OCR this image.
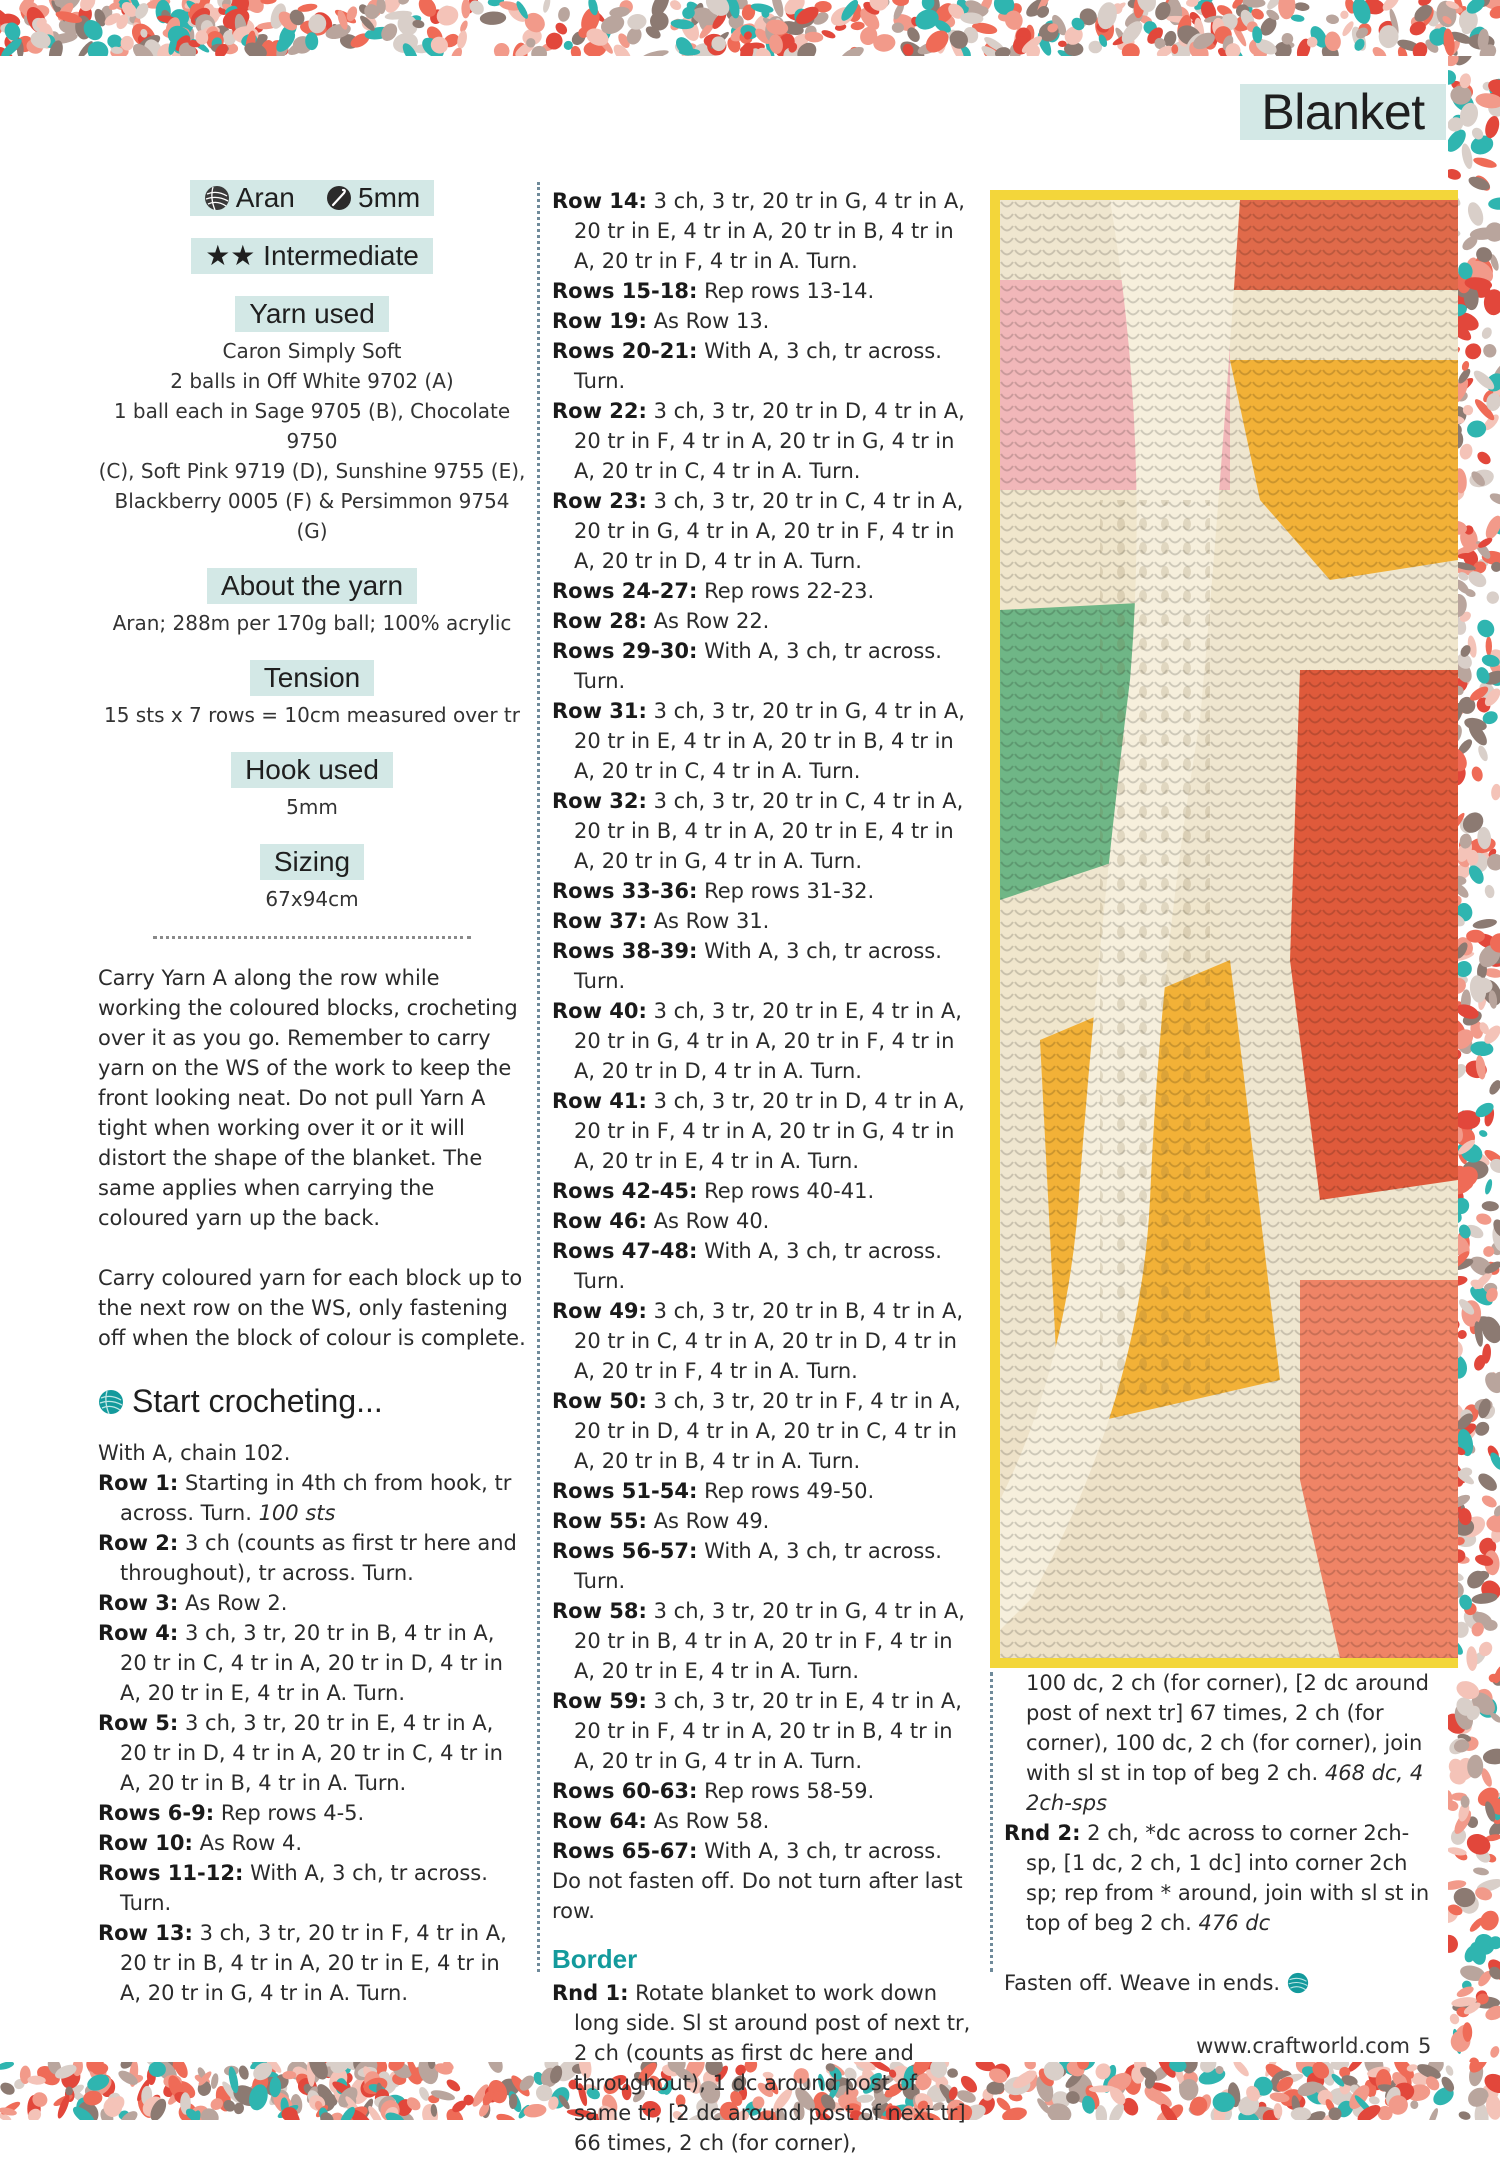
Blanket
Aran 5mm
★★ Intermediate
Yarn used
Caron Simply Soft
2 balls in Off White 9702 (A)
1 ball each in Sage 9705 (B), Chocolate 9750
(C), Soft Pink 9719 (D), Sunshine 9755 (E),
Blackberry 0005 (F) & Persimmon 9754 (G)
About the yarn
Aran; 288m per 170g ball; 100% acrylic
Tension
15 sts x 7 rows = 10cm measured over tr
Hook used
5mm
Sizing
67x94cm

Carry Yarn A along the row while working the coloured blocks, crocheting over it as you go. Remember to carry yarn on the WS of the work to keep the front looking neat. Do not pull Yarn A tight when working over it or it will distort the shape of the blanket. The same applies when carrying the coloured yarn up the back.

Carry coloured yarn for each block up to the next row on the WS, only fastening off when the block of colour is complete.

Start crocheting...

With A, chain 102.

Row 1: Starting in 4th ch from hook, tr across. Turn. 100 sts

Row 2: 3 ch (counts as first tr here and throughout), tr across. Turn.

Row 3: As Row 2.

Row 4: 3 ch, 3 tr, 20 tr in B, 4 tr in A, 20 tr in C, 4 tr in A, 20 tr in D, 4 tr in A, 20 tr in E, 4 tr in A. Turn.

Row 5: 3 ch, 3 tr, 20 tr in E, 4 tr in A, 20 tr in D, 4 tr in A, 20 tr in C, 4 tr in A, 20 tr in B, 4 tr in A. Turn.

Rows 6-9: Rep rows 4-5.

Row 10: As Row 4.

Rows 11-12: With A, 3 ch, tr across. Turn.

Row 13: 3 ch, 3 tr, 20 tr in F, 4 tr in A, 20 tr in B, 4 tr in A, 20 tr in E, 4 tr in A, 20 tr in G, 4 tr in A. Turn.

Row 14: 3 ch, 3 tr, 20 tr in G, 4 tr in A, 20 tr in E, 4 tr in A, 20 tr in B, 4 tr in A, 20 tr in F, 4 tr in A. Turn.

Rows 15-18: Rep rows 13-14.

Row 19: As Row 13.

Rows 20-21: With A, 3 ch, tr across. Turn.

Row 22: 3 ch, 3 tr, 20 tr in D, 4 tr in A, 20 tr in F, 4 tr in A, 20 tr in G, 4 tr in A, 20 tr in C, 4 tr in A. Turn.

Row 23: 3 ch, 3 tr, 20 tr in C, 4 tr in A, 20 tr in G, 4 tr in A, 20 tr in F, 4 tr in A, 20 tr in D, 4 tr in A. Turn.

Rows 24-27: Rep rows 22-23.

Row 28: As Row 22.

Rows 29-30: With A, 3 ch, tr across. Turn.

Row 31: 3 ch, 3 tr, 20 tr in G, 4 tr in A, 20 tr in E, 4 tr in A, 20 tr in B, 4 tr in A, 20 tr in C, 4 tr in A. Turn.

Row 32: 3 ch, 3 tr, 20 tr in C, 4 tr in A, 20 tr in B, 4 tr in A, 20 tr in E, 4 tr in A, 20 tr in G, 4 tr in A. Turn.

Rows 33-36: Rep rows 31-32.

Row 37: As Row 31.

Rows 38-39: With A, 3 ch, tr across. Turn.

Row 40: 3 ch, 3 tr, 20 tr in E, 4 tr in A, 20 tr in G, 4 tr in A, 20 tr in F, 4 tr in A, 20 tr in D, 4 tr in A. Turn.

Row 41: 3 ch, 3 tr, 20 tr in D, 4 tr in A, 20 tr in F, 4 tr in A, 20 tr in G, 4 tr in A, 20 tr in E, 4 tr in A. Turn.

Rows 42-45: Rep rows 40-41.

Row 46: As Row 40.

Rows 47-48: With A, 3 ch, tr across. Turn.

Row 49: 3 ch, 3 tr, 20 tr in B, 4 tr in A, 20 tr in C, 4 tr in A, 20 tr in D, 4 tr in A, 20 tr in F, 4 tr in A. Turn.

Row 50: 3 ch, 3 tr, 20 tr in F, 4 tr in A, 20 tr in D, 4 tr in A, 20 tr in C, 4 tr in A, 20 tr in B, 4 tr in A. Turn.

Rows 51-54: Rep rows 49-50.

Row 55: As Row 49.

Rows 56-57: With A, 3 ch, tr across. Turn.

Row 58: 3 ch, 3 tr, 20 tr in G, 4 tr in A, 20 tr in B, 4 tr in A, 20 tr in F, 4 tr in A, 20 tr in E, 4 tr in A. Turn.

Row 59: 3 ch, 3 tr, 20 tr in E, 4 tr in A, 20 tr in F, 4 tr in A, 20 tr in B, 4 tr in A, 20 tr in G, 4 tr in A. Turn.

Rows 60-63: Rep rows 58-59.

Row 64: As Row 58.

Rows 65-67: With A, 3 ch, tr across.

Do not fasten off. Do not turn after last row.

Border

Rnd 1: Rotate blanket to work down long side. Sl st around post of next tr, 2 ch (counts as first dc here and throughout), 1 dc around post of same tr, [2 dc around post of next tr] 66 times, 2 ch (for corner),

100 dc, 2 ch (for corner), [2 dc around post of next tr] 67 times, 2 ch (for corner), 100 dc, 2 ch (for corner), join with sl st in top of beg 2 ch. 468 dc, 4 2ch-sps

Rnd 2: 2 ch, *dc across to corner 2ch-sp, [1 dc, 2 ch, 1 dc] into corner 2ch sp; rep from * around, join with sl st in top of beg 2 ch. 476 dc

Fasten off. Weave in ends.

www.craftworld.com 5
